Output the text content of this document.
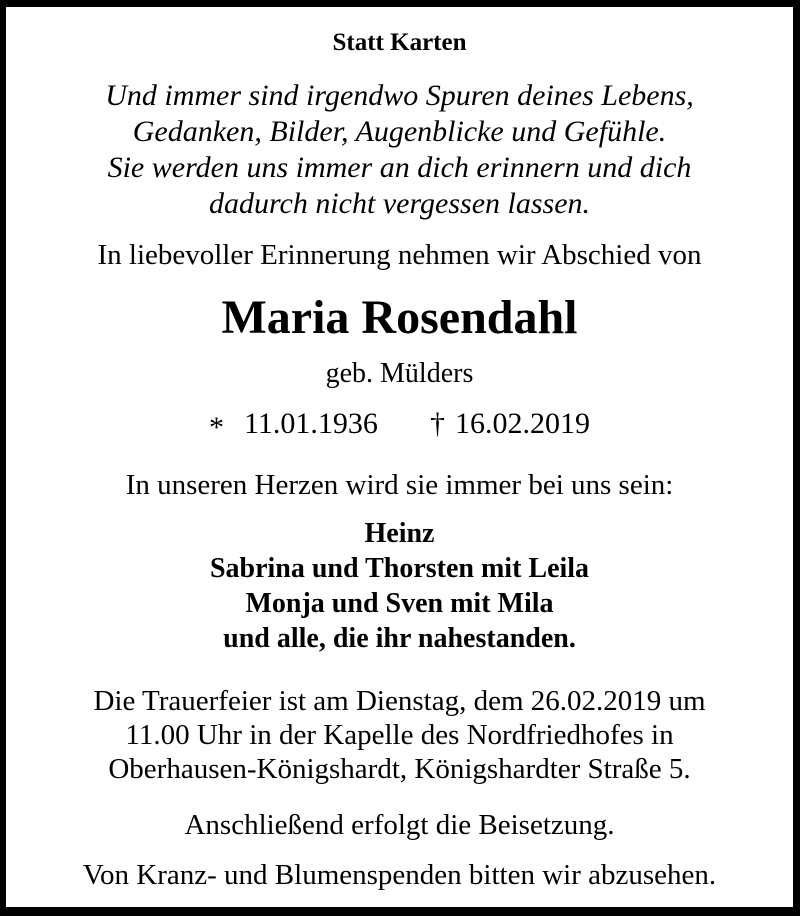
Statt Karten
Und immer sind irgendwo Spuren deines Lebens,
Gedanken, Bilder, Augenblicke und Gefühle.
Sie werden uns immer an dich erinnern und dich
dadurch nicht vergessen lassen.
In liebevoller Erinnerung nehmen wir Abschied von
Maria Rosendahl
geb. Mülders
* 11.01.1936 † 16.02.2019
In unseren Herzen wird sie immer bei uns sein:
Heinz
Sabrina und Thorsten mit Leila
Monja und Sven mit Mila
und alle, die ihr nahestanden.
Die Trauerfeier ist am Dienstag, dem 26.02.2019 um
11.00 Uhr in der Kapelle des Nordfriedhofes in
Oberhausen-Königshardt, Königshardter Straße 5.
Anschließend erfolgt die Beisetzung.
Von Kranz- und Blumenspenden bitten wir abzusehen.
